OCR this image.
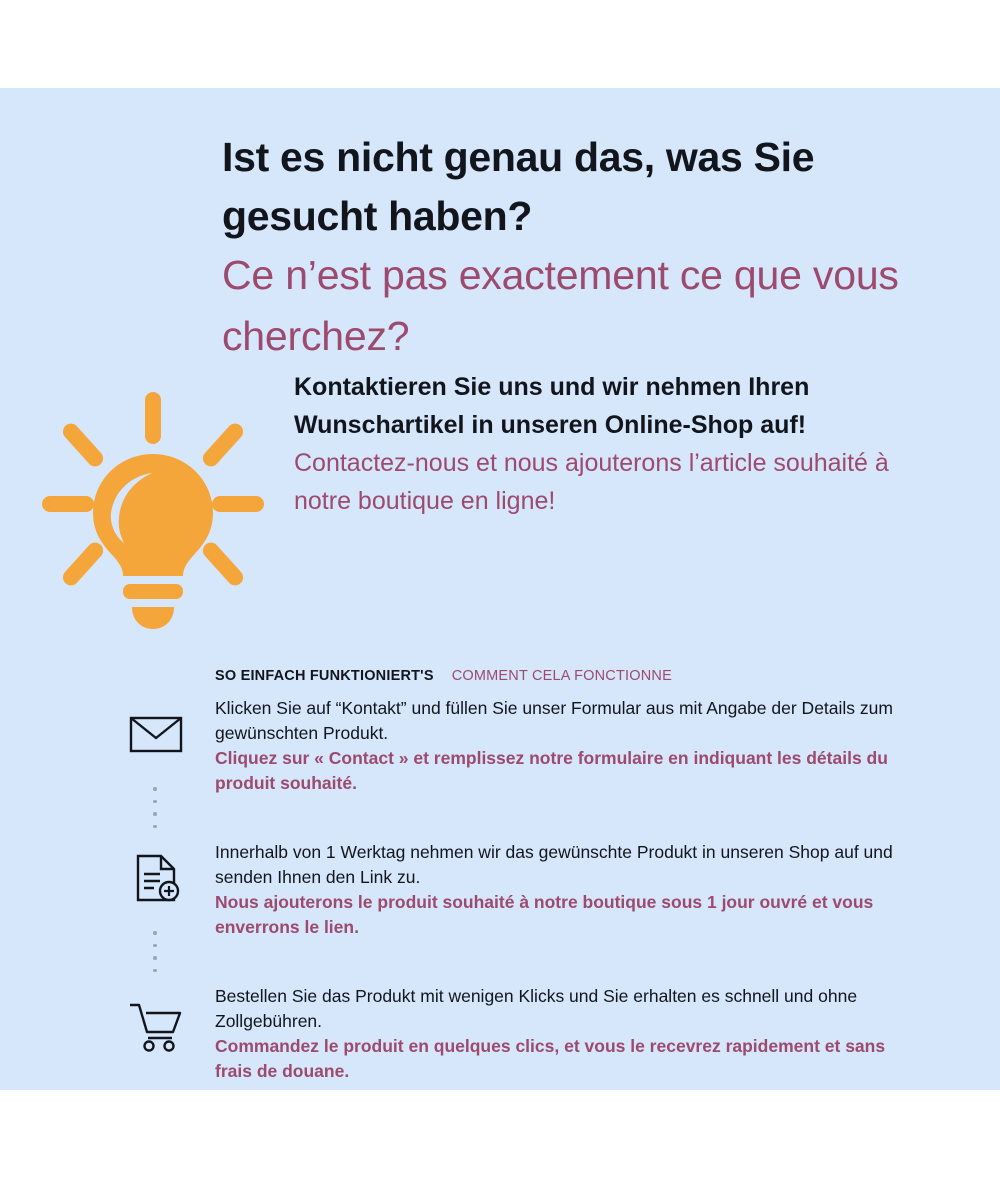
Ist es nicht genau das, was Sie gesucht haben?
Ce n’est pas exactement ce que vous cherchez?

Kontaktieren Sie uns und wir nehmen Ihren Wunschartikel in unseren Online-Shop auf!

Contactez-nous et nous ajouterons l’article souhaité à notre boutique en ligne!

SO EINFACH FUNKTIONIERT'S COMMENT CELA FONCTIONNE

Klicken Sie auf “Kontakt” und füllen Sie unser Formular aus mit Angabe der Details zum gewünschten Produkt.

Cliquez sur « Contact » et remplissez notre formulaire en indiquant les détails du produit souhaité.

Innerhalb von 1 Werktag nehmen wir das gewünschte Produkt in unseren Shop auf und senden Ihnen den Link zu.

Nous ajouterons le produit souhaité à notre boutique sous 1 jour ouvré et vous enverrons le lien.

Bestellen Sie das Produkt mit wenigen Klicks und Sie erhalten es schnell und ohne Zollgebühren.

Commandez le produit en quelques clics, et vous le recevrez rapidement et sans frais de douane.
